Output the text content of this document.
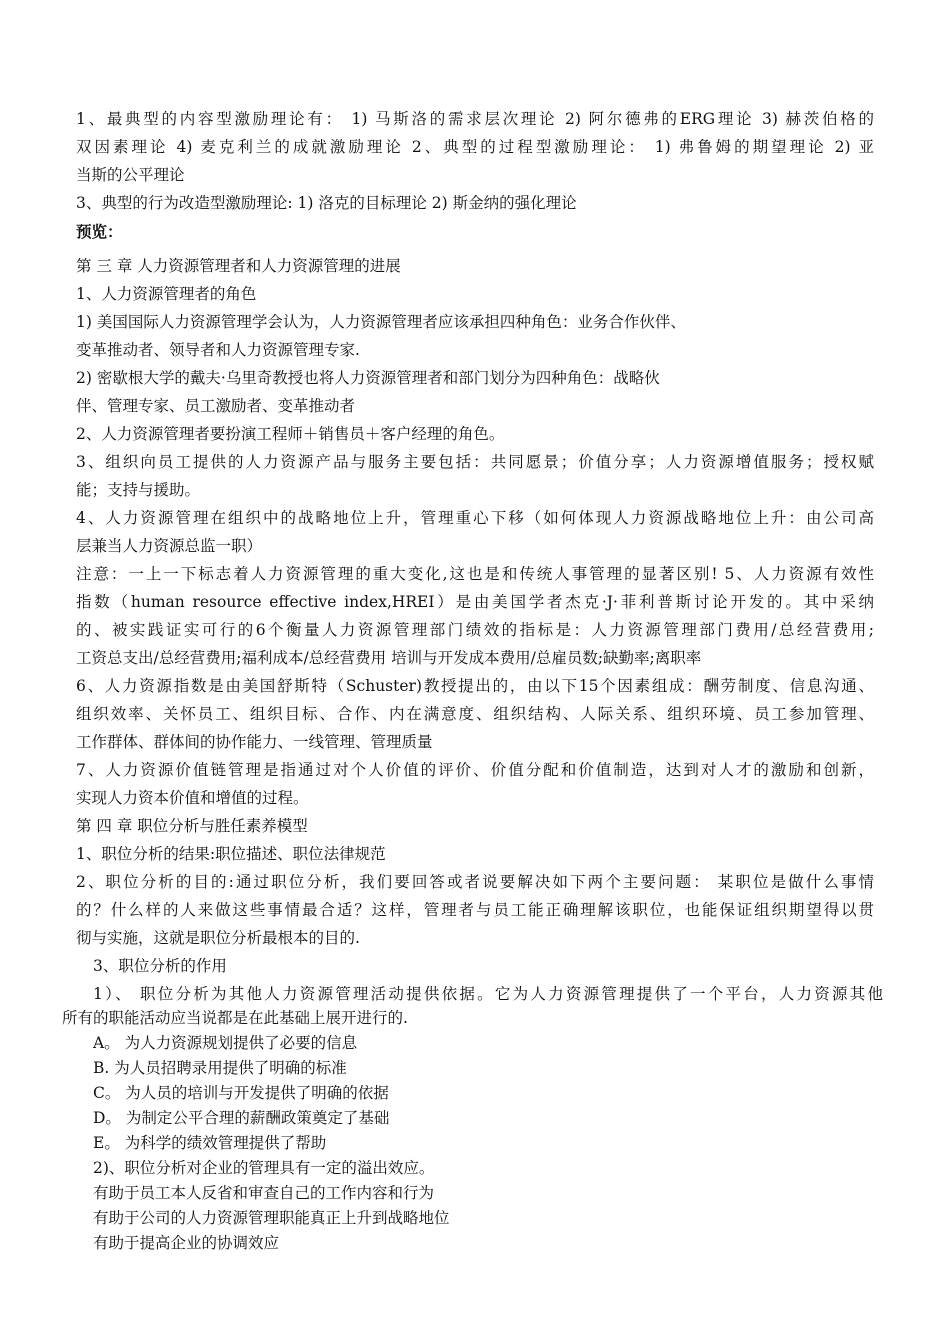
1、最典型的内容型激励理论有： 1) 马斯洛的需求层次理论 2) 阿尔德弗的ERG理论 3) 赫茨伯格的
双因素理论 4) 麦克利兰的成就激励理论 2、典型的过程型激励理论： 1) 弗鲁姆的期望理论 2) 亚
当斯的公平理论
3、典型的行为改造型激励理论: 1) 洛克的目标理论 2) 斯金纳的强化理论
预览：
第 三 章 人力资源管理者和人力资源管理的进展
1、人力资源管理者的角色
1) 美国国际人力资源管理学会认为，人力资源管理者应该承担四种角色：业务合作伙伴、
变革推动者、领导者和人力资源管理专家.
2) 密歇根大学的戴夫·乌里奇教授也将人力资源管理者和部门划分为四种角色：战略伙
伴、管理专家、员工激励者、变革推动者
2、人力资源管理者要扮演工程师＋销售员＋客户经理的角色。
3、组织向员工提供的人力资源产品与服务主要包括：共同愿景；价值分享；人力资源增值服务；授权赋
能；支持与援助。
4、人力资源管理在组织中的战略地位上升，管理重心下移（如何体现人力资源战略地位上升：由公司高
层兼当人力资源总监一职）
注意：一上一下标志着人力资源管理的重大变化,这也是和传统人事管理的显著区别! 5、人力资源有效性
指数（human resource effective index,HREI）是由美国学者杰克·J·菲利普斯讨论开发的。其中采纳
的、被实践证实可行的6个衡量人力资源管理部门绩效的指标是：人力资源管理部门费用/总经营费用;
工资总支出/总经营费用;福利成本/总经营费用 培训与开发成本费用/总雇员数;缺勤率;离职率
6、人力资源指数是由美国舒斯特（Schuster)教授提出的，由以下15个因素组成：酬劳制度、信息沟通、
组织效率、关怀员工、组织目标、合作、内在满意度、组织结构、人际关系、组织环境、员工参加管理、
工作群体、群体间的协作能力、一线管理、管理质量
7、人力资源价值链管理是指通过对个人价值的评价、价值分配和价值制造，达到对人才的激励和创新，
实现人力资本价值和增值的过程。
第 四 章 职位分析与胜任素养模型
1、职位分析的结果:职位描述、职位法律规范
2、职位分析的目的:通过职位分析，我们要回答或者说要解决如下两个主要问题： 某职位是做什么事情
的？什么样的人来做这些事情最合适？这样，管理者与员工能正确理解该职位，也能保证组织期望得以贯
彻与实施，这就是职位分析最根本的目的.
3、职位分析的作用
1）、 职位分析为其他人力资源管理活动提供依据。它为人力资源管理提供了一个平台，人力资源其他
所有的职能活动应当说都是在此基础上展开进行的.
A。 为人力资源规划提供了必要的信息
B. 为人员招聘录用提供了明确的标准
C。 为人员的培训与开发提供了明确的依据
D。 为制定公平合理的薪酬政策奠定了基础
E。 为科学的绩效管理提供了帮助
2)、职位分析对企业的管理具有一定的溢出效应。
有助于员工本人反省和审查自己的工作内容和行为
有助于公司的人力资源管理职能真正上升到战略地位
有助于提高企业的协调效应
